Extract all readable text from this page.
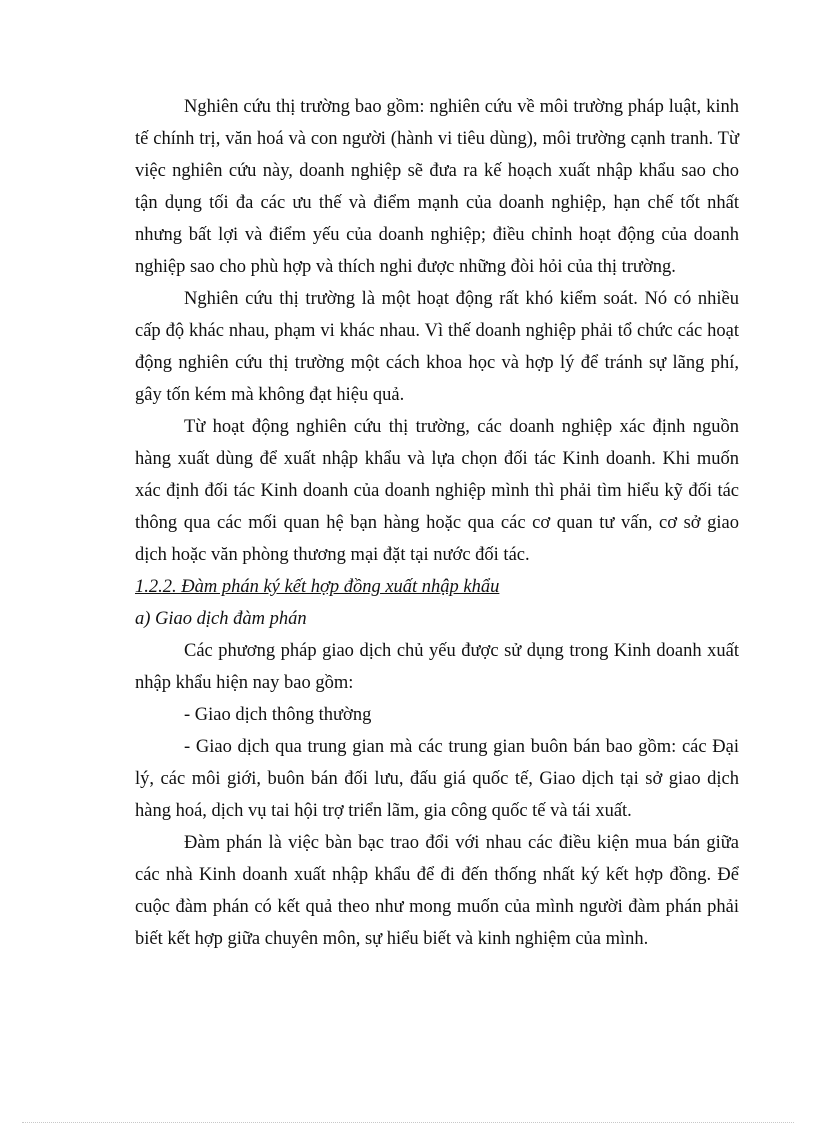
Nghiên cứu thị trường bao gồm: nghiên cứu về môi trường pháp luật, kinh tế chính trị, văn hoá và con người (hành vi tiêu dùng), môi trường cạnh tranh. Từ việc nghiên cứu này, doanh nghiệp sẽ đưa ra kế hoạch xuất nhập khẩu sao cho tận dụng tối đa các ưu thế và điểm mạnh của doanh nghiệp, hạn chế tốt nhất nhưng bất lợi và điểm yếu của doanh nghiệp; điều chỉnh hoạt động của doanh nghiệp sao cho phù hợp và thích nghi được những đòi hỏi của thị trường.

Nghiên cứu thị trường là một hoạt động rất khó kiểm soát. Nó có nhiều cấp độ khác nhau, phạm vi khác nhau. Vì thế doanh nghiệp phải tổ chức các hoạt động nghiên cứu thị trường một cách khoa học và hợp lý để tránh sự lãng phí, gây tốn kém mà không đạt hiệu quả.

Từ hoạt động nghiên cứu thị trường, các doanh nghiệp xác định nguồn hàng xuất dùng để xuất nhập khẩu và lựa chọn đối tác Kinh doanh. Khi muốn xác định đối tác Kinh doanh của doanh nghiệp mình thì phải tìm hiểu kỹ đối tác thông qua các mối quan hệ bạn hàng hoặc qua các cơ quan tư vấn, cơ sở giao dịch hoặc văn phòng thương mại đặt tại nước đối tác.

1.2.2. Đàm phán ký kết hợp đồng xuất nhập khẩu

a) Giao dịch đàm phán

Các phương pháp giao dịch chủ yếu được sử dụng trong Kinh doanh xuất nhập khẩu hiện nay bao gồm:

- Giao dịch thông thường

- Giao dịch qua trung gian mà các trung gian buôn bán bao gồm: các Đại lý, các môi giới, buôn bán đối lưu, đấu giá quốc tế, Giao dịch tại sở giao dịch hàng hoá, dịch vụ tai hội trợ triển lãm, gia công quốc tế và tái xuất.

Đàm phán là việc bàn bạc trao đổi với nhau các điều kiện mua bán giữa các nhà Kinh doanh xuất nhập khẩu để đi đến thống nhất ký kết hợp đồng. Để cuộc đàm phán có kết quả theo như mong muốn của mình người đàm phán phải biết kết hợp giữa chuyên môn, sự hiểu biết và kinh nghiệm của mình.
